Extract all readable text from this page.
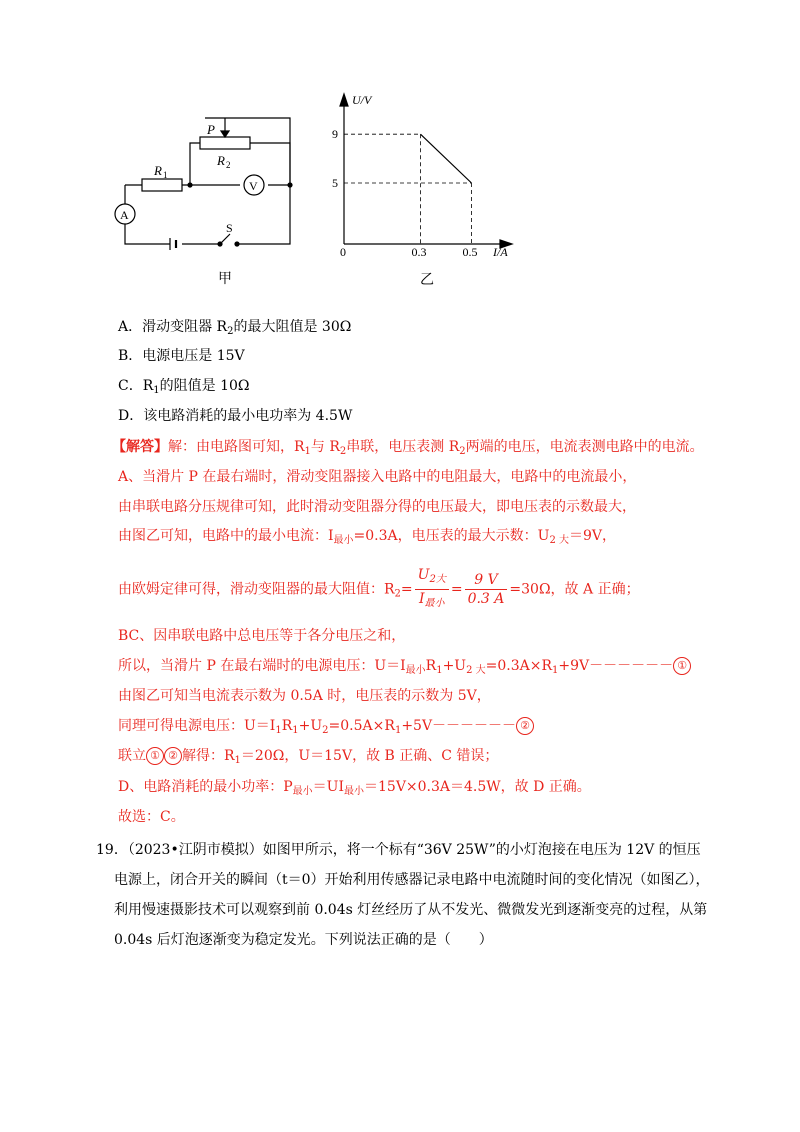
P
R 2
R 1
V
A
S
甲
0.3	0.5
9
5
U/V
I/A
0
乙
A．滑动变阻器 $R_2$的最大阻值是 30Ω
B．电源电压是 15V
C．$R_1$的阻值是 10Ω
D．该电路消耗的最小电功率为 4.5W
【解答】解：由电路图可知，$R_1$与 $R_2$串联，电压表测 $R_2$两端的电压，电流表测电路中的电流。
A、当滑片 P 在最右端时，滑动变阻器接入电路中的电阻最大，电路中的电流最小，
由串联电路分压规律可知，此时滑动变阻器分得的电压最大，即电压表的示数最大，
由图乙可知，电路中的最小电流：$I_{最小}=0.3A$，电压表的最大示数：$U_{2 大}=9V$，
由欧姆定律可得，滑动变阻器的最大阻值：$R_2= \frac{U_{2大}}{I_{最小}} = \frac{9 V}{0.3 A} =30\Omega$，故 A 正确；
BC、因串联电路中总电压等于各分电压之和，
所以，当滑片 P 在最右端时的电源电压：$U=I_{最小}R_1+U_{2 大}=0.3A\times R_1+9V------$ ①
由图乙可知当电流表示数为 0.5A 时，电压表的示数为 5V，
同理可得电源电压：$U=I_1R_1+U_2=0.5A\times R_1+5V------$ ②
联立 ① ② 解得：$R_1=20\Omega$，U＝15V，故 B 正确、C 错误；
D、电路消耗的最小功率：$P_{最小}=UI_{最小}=15V\times 0.3A=4.5W$，故 D 正确。
故选：C。
19．（2023•江阴市模拟）如图甲所示，将一个标有“36V 25W”的小灯泡接在电压为 12V 的恒压
电源上，闭合开关的瞬间（t＝0）开始利用传感器记录电路中电流随时间的变化情况（如图乙），
利用慢速摄影技术可以观察到前 0.04s 灯丝经历了从不发光、微微发光到逐渐变亮的过程，从第
0.04s 后灯泡逐渐变为稳定发光。下列说法正确的是（　　）
